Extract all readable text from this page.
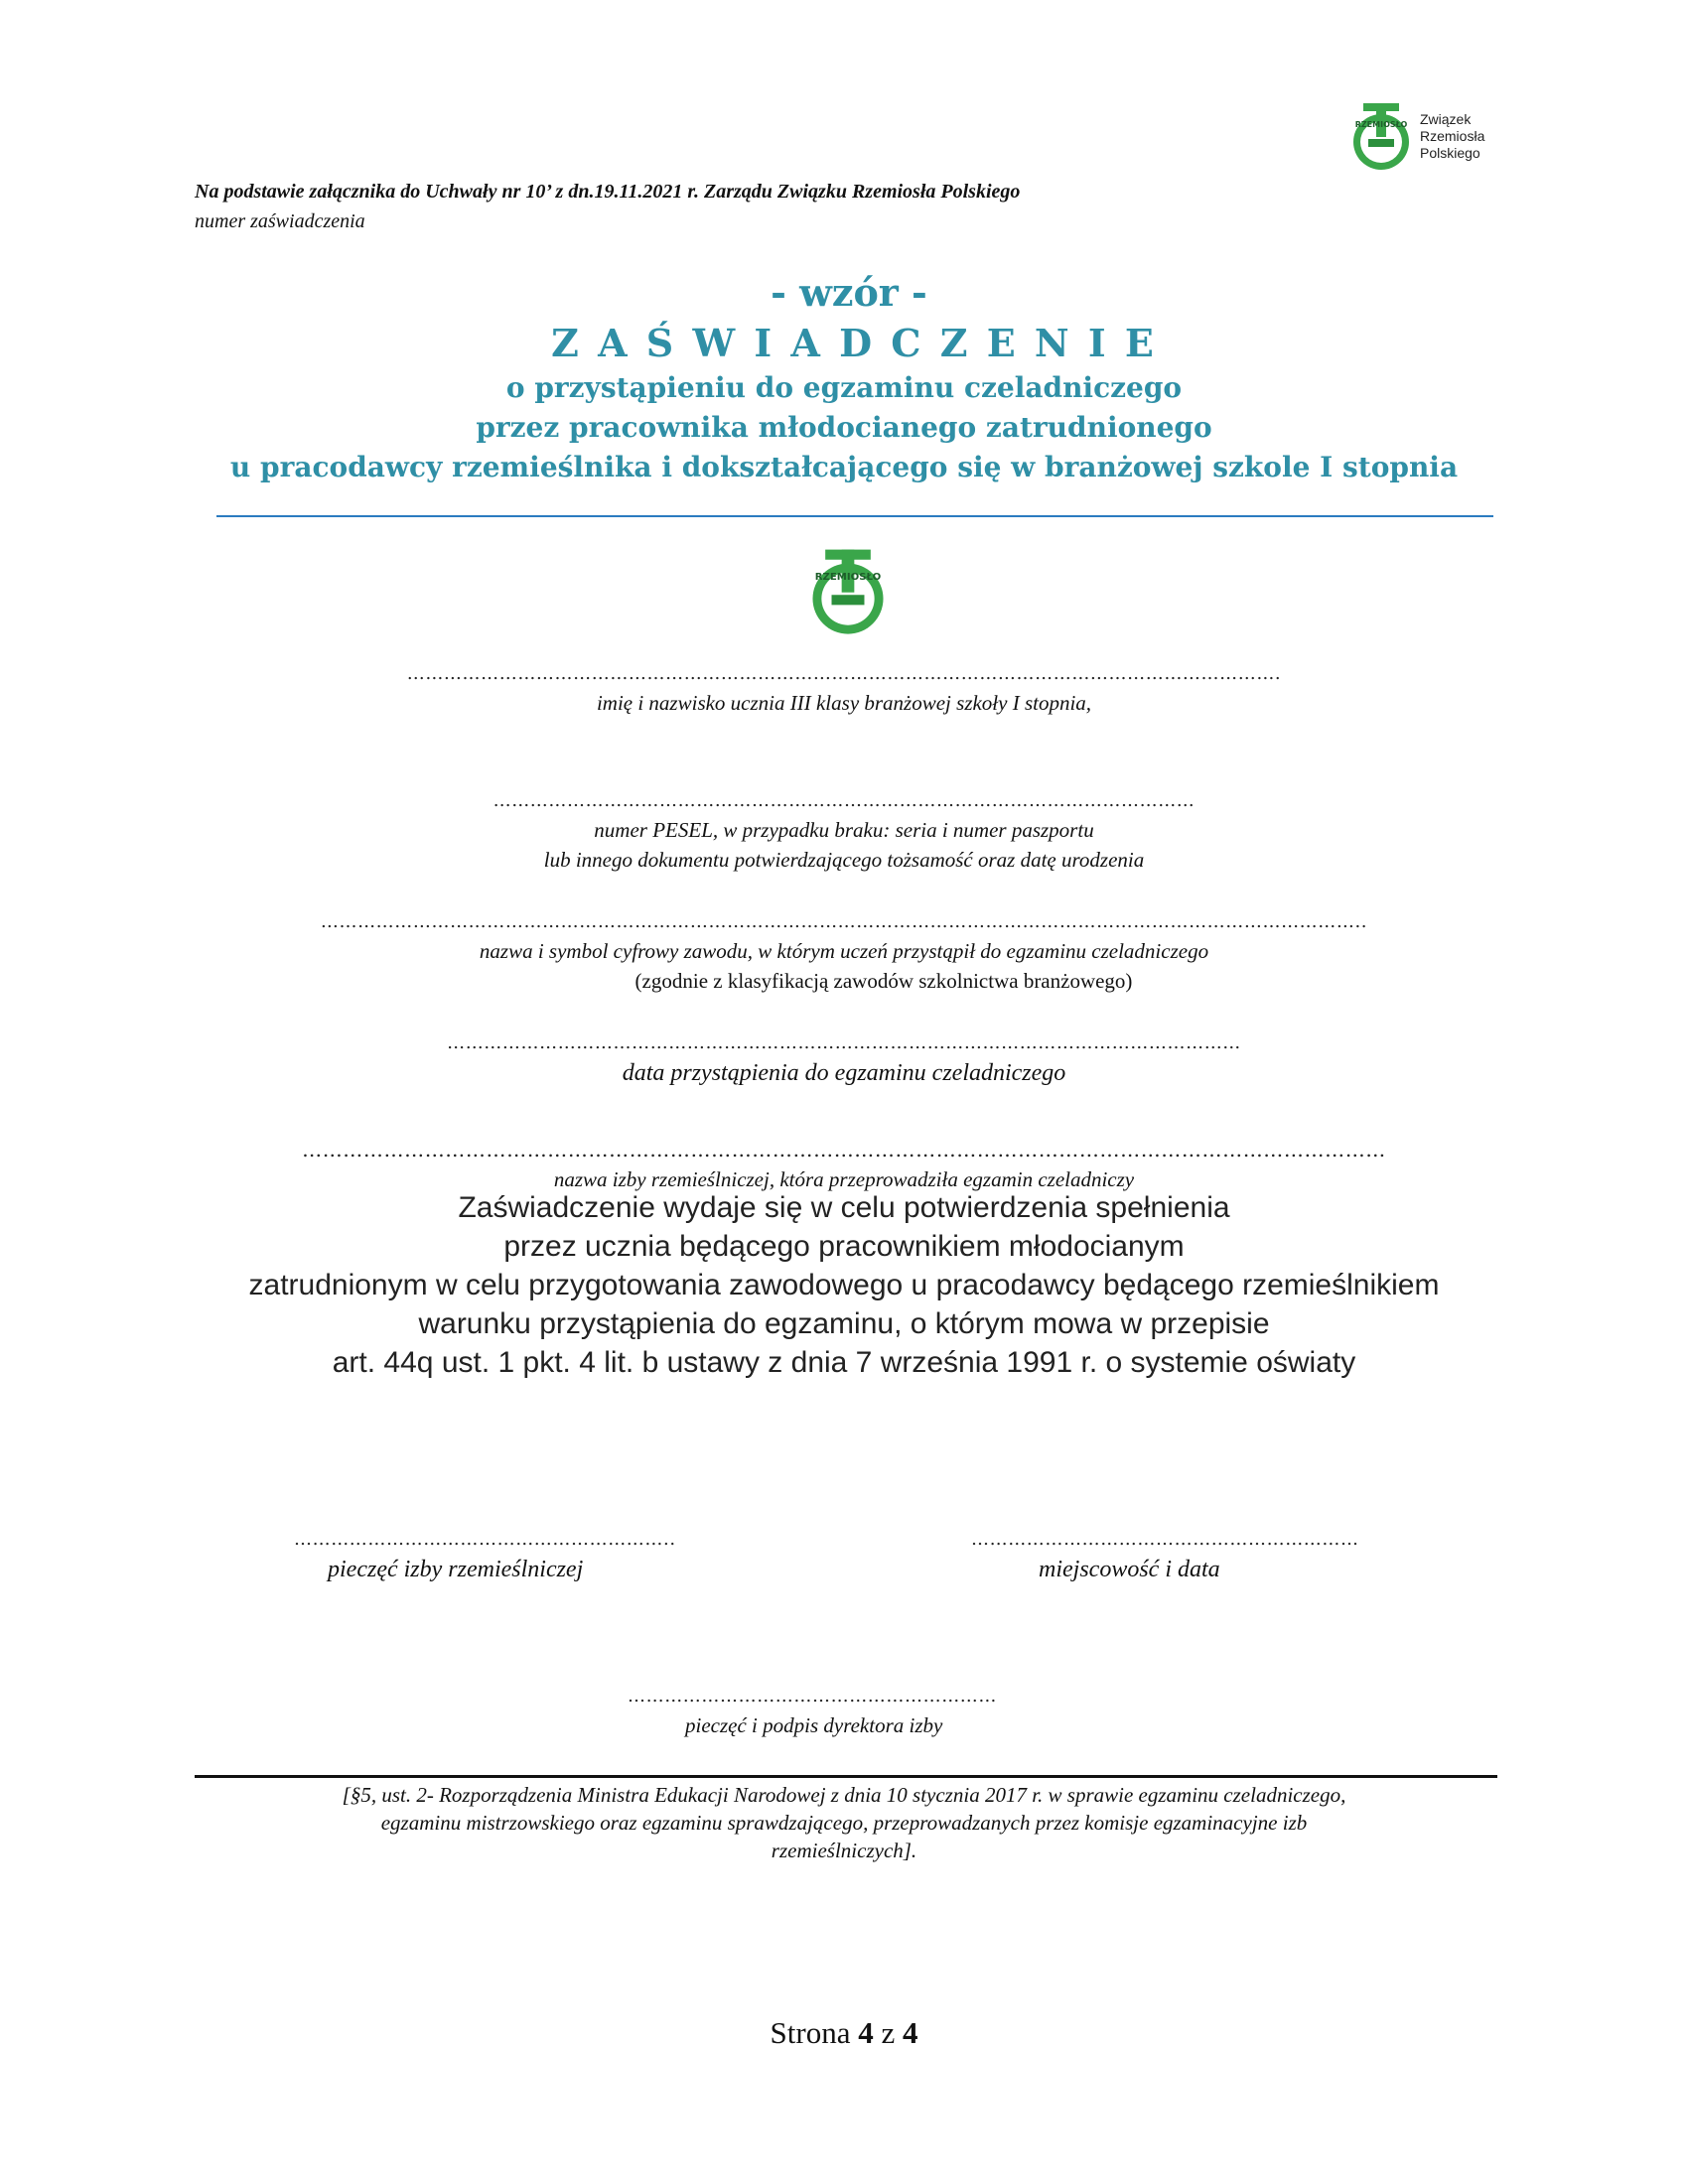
RZEMIOSŁO Związek
Rzemiosła
Polskiego
Na podstawie załącznika do Uchwały nr 10’ z dn.19.11.2021 r. Zarządu Związku Rzemiosła Polskiego
numer zaświadczenia
- wzór -
Z A Ś W I A D C Z E N I E
o przystąpieniu do egzaminu czeladniczego
przez pracownika młodocianego zatrudnionego
u pracodawcy rzemieślnika i dokształcającego się w branżowej szkole I stopnia
RZEMIOSŁO
…………………………………………………………………………………………………………………………….
imię i nazwisko ucznia III klasy branżowej szkoły I stopnia,
……………………………………………………………………………………………………
numer PESEL, w przypadku braku: seria i numer paszportu
lub innego dokumentu potwierdzającego tożsamość oraz datę urodzenia
……………………………………………………………………………………………………………………………………………………..
nazwa i symbol cyfrowy zawodu, w którym uczeń przystąpił do egzaminu czeladniczego
(zgodnie z klasyfikacją zawodów szkolnictwa branżowego)
…………………………………………………………………………………………………………………
data przystąpienia do egzaminu czeladniczego
……………………………………………………………………………………………………………………………………………
nazwa izby rzemieślniczej, która przeprowadziła egzamin czeladniczy
Zaświadczenie wydaje się w celu potwierdzenia spełnienia
przez ucznia będącego pracownikiem młodocianym
zatrudnionym w celu przygotowania zawodowego u pracodawcy będącego rzemieślnikiem
warunku przystąpienia do egzaminu, o którym mowa w przepisie
art. 44q ust. 1 pkt. 4 lit. b ustawy z dnia 7 września 1991 r. o systemie oświaty
……………………………………………………..
pieczęć izby rzemieślniczej
………………………………………………………
miejscowość i data
……………………………………………………
pieczęć i podpis dyrektora izby
[§5, ust. 2- Rozporządzenia Ministra Edukacji Narodowej z dnia 10 stycznia 2017 r. w sprawie egzaminu czeladniczego,
egzaminu mistrzowskiego oraz egzaminu sprawdzającego, przeprowadzanych przez komisje egzaminacyjne izb
rzemieślniczych].
Strona 4 z 4
